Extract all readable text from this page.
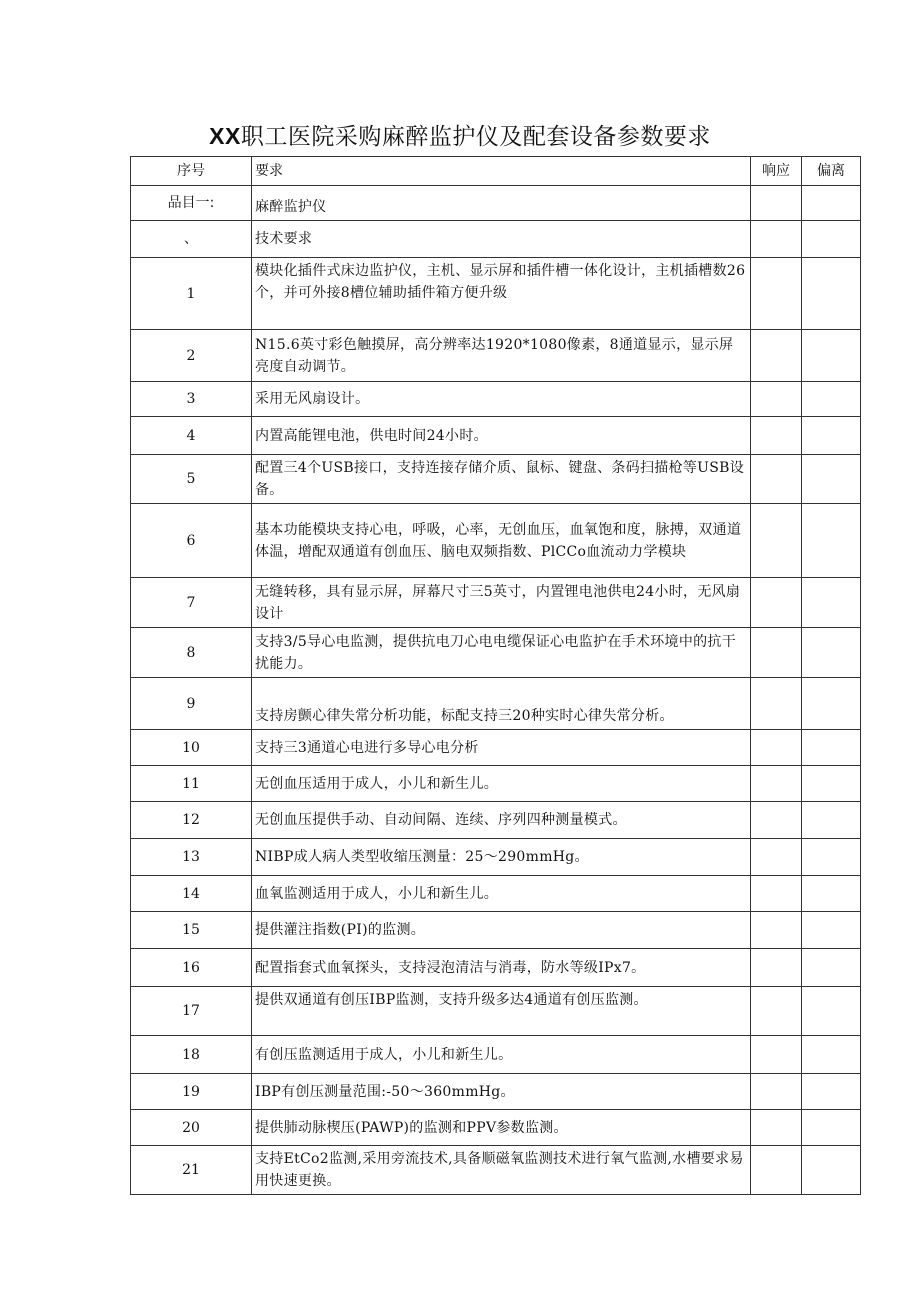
XX职工医院采购麻醉监护仪及配套设备参数要求
序号	要求	响应	偏离
品目一:	麻醉监护仪		
、	技术要求		
1	模块化插件式床边监护仪，主机、显示屏和插件槽一体化设计，主机插槽数26个，并可外接8槽位辅助插件箱方便升级		
2	N15.6英寸彩色触摸屏，高分辨率达1920*1080像素，8通道显示，显示屏亮度自动调节。		
3	采用无风扇设计。		
4	内置高能锂电池，供电时间24小时。		
5	配置三4个USB接口，支持连接存储介质、鼠标、键盘、条码扫描枪等USB设备。		
6	基本功能模块支持心电，呼吸，心率，无创血压，血氧饱和度，脉搏，双通道体温，增配双通道有创血压、脑电双频指数、PlCCo血流动力学模块		
7	无缝转移，具有显示屏，屏幕尺寸三5英寸，内置锂电池供电24小时，无风扇设计		
8	支持3/5导心电监测，提供抗电刀心电电缆保证心电监护在手术环境中的抗干扰能力。		
9	支持房颤心律失常分析功能，标配支持三20种实时心律失常分析。		
10	支持三3通道心电进行多导心电分析		
11	无创血压适用于成人，小儿和新生儿。		
12	无创血压提供手动、自动间隔、连续、序列四种测量模式。		
13	NIBP成人病人类型收缩压测量：25～290mmHg。		
14	血氧监测适用于成人，小儿和新生儿。		
15	提供灌注指数(PI)的监测。		
16	配置指套式血氧探头，支持浸泡清洁与消毒，防水等级IPx7。		
17	提供双通道有创压IBP监测，支持升级多达4通道有创压监测。		
18	有创压监测适用于成人，小儿和新生儿。		
19	IBP有创压测量范围:-50～360mmHg。		
20	提供肺动脉楔压(PAWP)的监测和PPV参数监测。		
21	支持EtCo2监测,采用旁流技术,具备顺磁氧监测技术进行氧气监测,水槽要求易用快速更换。		
